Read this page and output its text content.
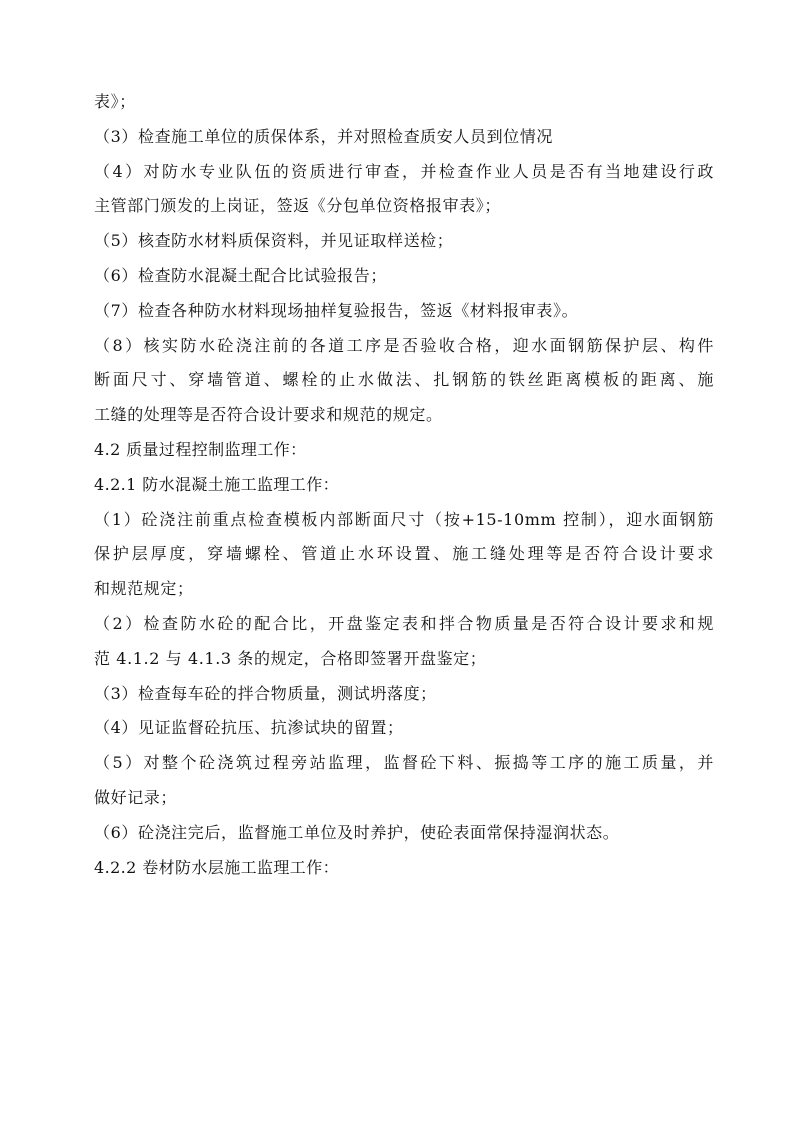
表》；
（3）检查施工单位的质保体系，并对照检查质安人员到位情况
（4）对防水专业队伍的资质进行审查，并检查作业人员是否有当地建设行政
主管部门颁发的上岗证，签返《分包单位资格报审表》；
（5）核查防水材料质保资料，并见证取样送检；
（6）检查防水混凝土配合比试验报告；
（7）检查各种防水材料现场抽样复验报告，签返《材料报审表》。
（8）核实防水砼浇注前的各道工序是否验收合格，迎水面钢筋保护层、构件
断面尺寸、穿墙管道、螺栓的止水做法、扎钢筋的铁丝距离模板的距离、施
工缝的处理等是否符合设计要求和规范的规定。
4.2 质量过程控制监理工作：
4.2.1 防水混凝土施工监理工作：
（1）砼浇注前重点检查模板内部断面尺寸（按+15-10mm 控制），迎水面钢筋
保护层厚度，穿墙螺栓、管道止水环设置、施工缝处理等是否符合设计要求
和规范规定；
（2）检查防水砼的配合比，开盘鉴定表和拌合物质量是否符合设计要求和规
范 4.1.2 与 4.1.3 条的规定，合格即签署开盘鉴定；
（3）检查每车砼的拌合物质量，测试坍落度；
（4）见证监督砼抗压、抗渗试块的留置；
（5）对整个砼浇筑过程旁站监理，监督砼下料、振捣等工序的施工质量，并
做好记录；
（6）砼浇注完后，监督施工单位及时养护，使砼表面常保持湿润状态。
4.2.2 卷材防水层施工监理工作：
